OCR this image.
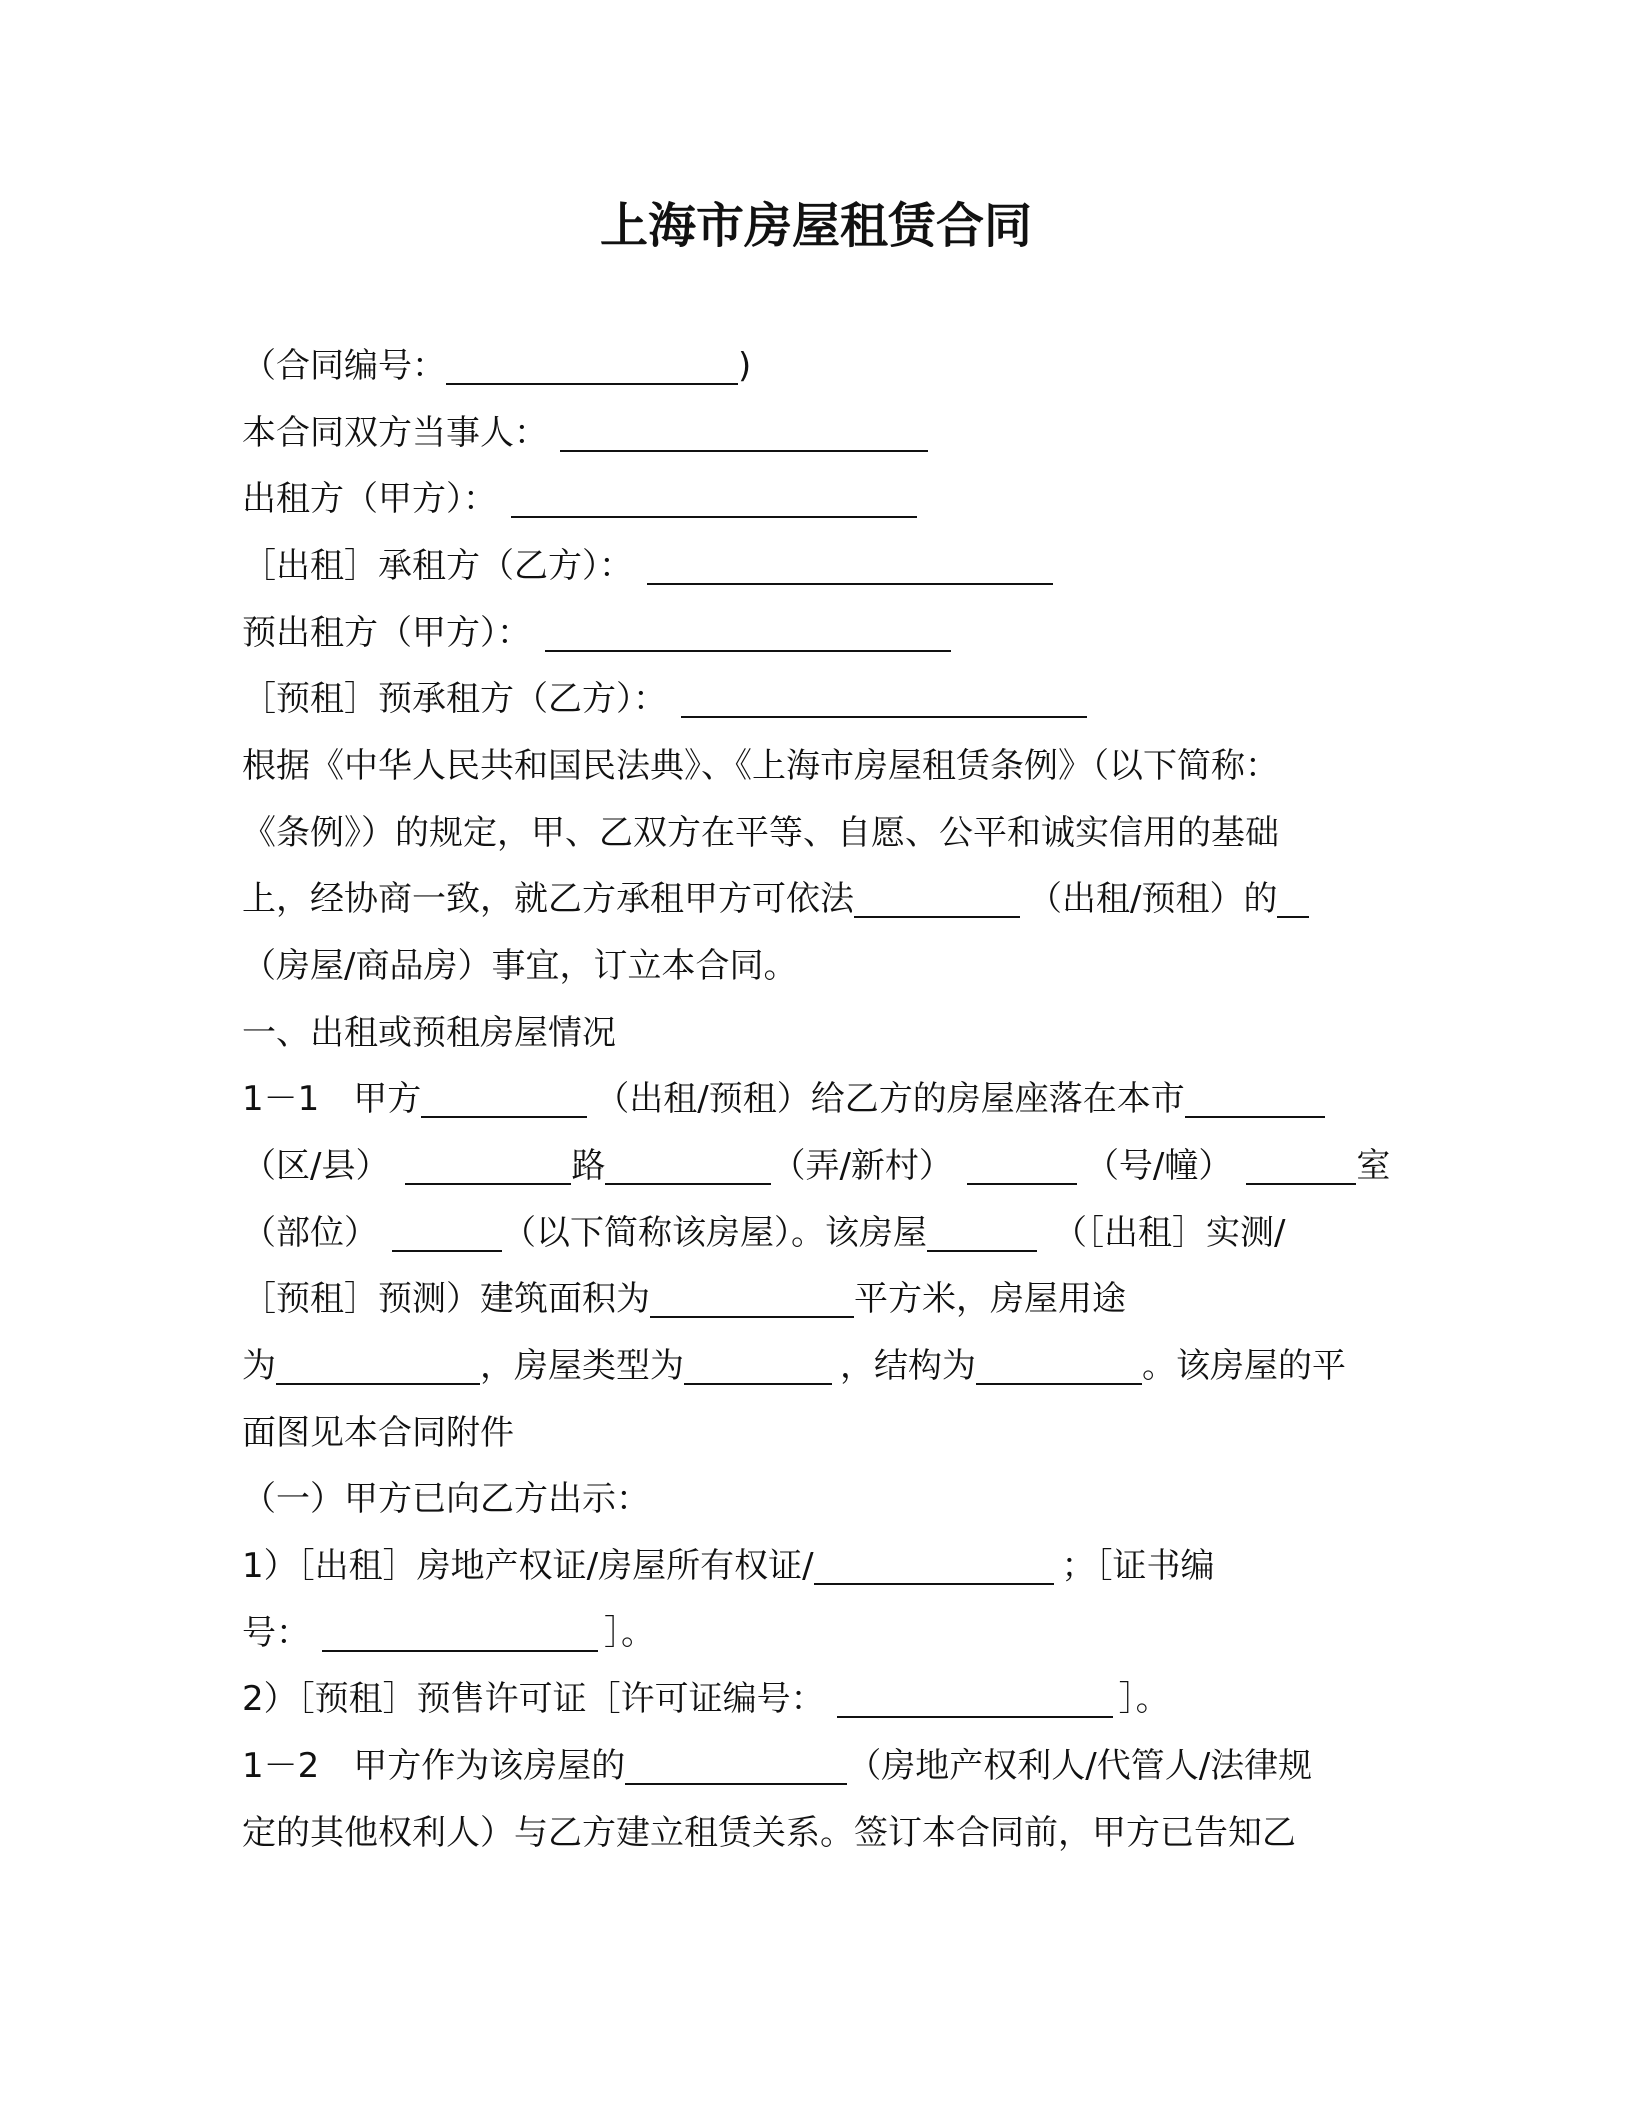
上海市房屋租赁合同
（合同编号：	)
本合同双方当事人：
出租方（甲方）：
［出租］承租方（乙方）：
预出租方（甲方）：
［预租］预承租方（乙方）：
根据《中华人民共和国民法典》、《上海市房屋租赁条例》（以下简称：
《条例》）的规定，甲、乙双方在平等、自愿、公平和诚实信用的基础
上，经协商一致，就乙方承租甲方可依法	（出租/预租）的
（房屋/商品房）事宜，订立本合同。
一、出租或预租房屋情况
1－1　甲方	（出租/预租）给乙方的房屋座落在本市
（区/县）	路	（弄/新村）	（号/幢）	室
（部位）	（以下简称该房屋）。该房屋	（［出租］实测/
［预租］预测）建筑面积为	平方米，房屋用途
为	，房屋类型为	，结构为	。该房屋的平
面图见本合同附件
（一）甲方已向乙方出示：
1）［出租］房地产权证/房屋所有权证/	；［证书编
号：	］。
2）［预租］预售许可证［许可证编号：	］。
1－2　甲方作为该房屋的	（房地产权利人/代管人/法律规
定的其他权利人）与乙方建立租赁关系。签订本合同前，甲方已告知乙
